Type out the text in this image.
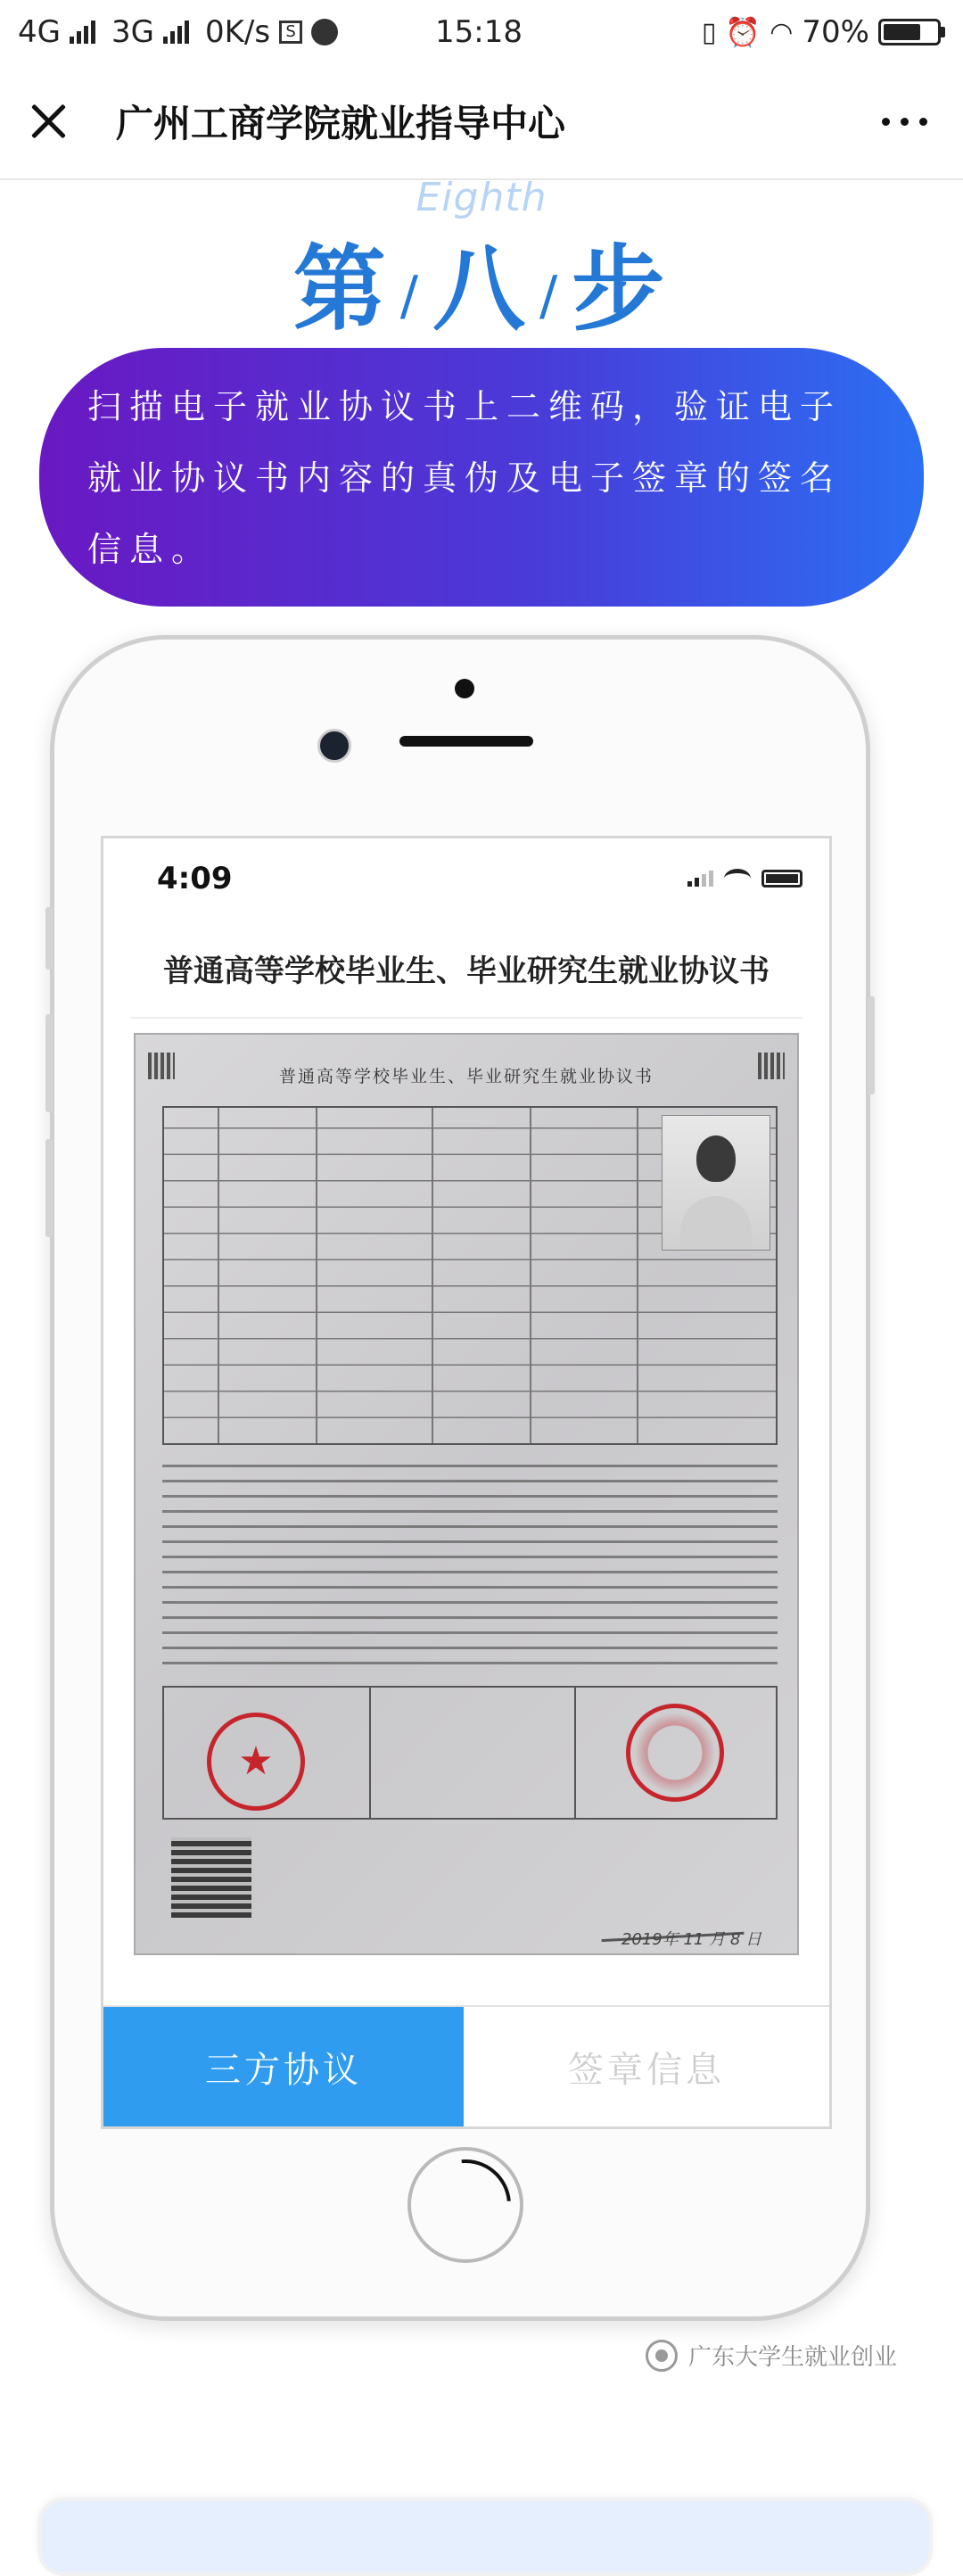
4G 3G 0K/s S	15:18	▯ ⏰ ◠ 70%
广州工商学院就业指导中心
Eighth
第 /八 /步
扫描电子就业协议书上二维码，验证电子就业协议书内容的真伪及电子签章的签名信息。
4:09
普通高等学校毕业生、毕业研究生就业协议书
普通高等学校毕业生、毕业研究生就业协议书
★
2019年 11 月 8 日
三方协议	签章信息
广东大学生就业创业
